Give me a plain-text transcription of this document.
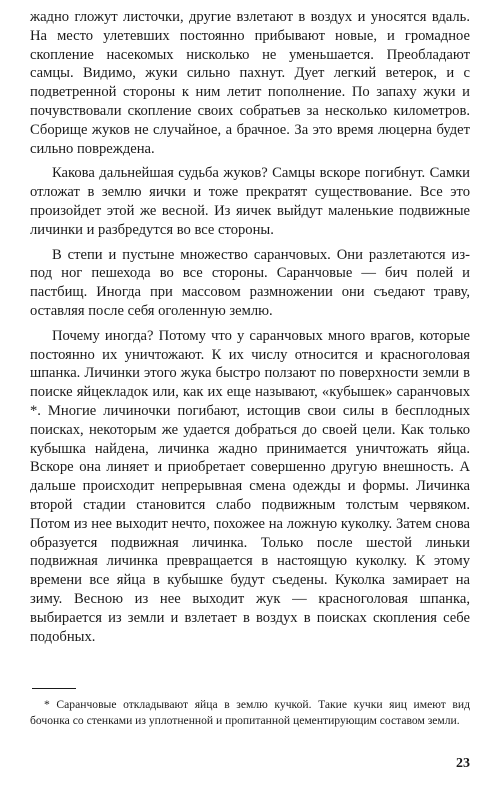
жадно гложут листочки, другие взлетают в воздух и уносятся вдаль. На место улетевших постоянно прибывают новые, и громадное скопление насекомых нисколько не уменьшается. Преобладают самцы. Видимо, жуки сильно пахнут. Дует легкий ветерок, и с подветренной стороны к ним летит пополнение. По запаху жуки и почувствовали скопление своих собратьев за несколько километров. Сборище жуков не случайное, а брачное. За это время люцерна будет сильно повреждена.

Какова дальнейшая судьба жуков? Самцы вскоре погибнут. Самки отложат в землю яички и тоже прекратят существование. Все это произойдет этой же весной. Из яичек выйдут маленькие подвижные личинки и разбредутся во все стороны.

В степи и пустыне множество саранчовых. Они разлетаются из-под ног пешехода во все стороны. Саранчовые — бич полей и пастбищ. Иногда при массовом размножении они съедают траву, оставляя после себя оголенную землю.

Почему иногда? Потому что у саранчовых много врагов, которые постоянно их уничтожают. К их числу относится и красноголовая шпанка. Личинки этого жука быстро ползают по поверхности земли в поиске яйцекладок или, как их еще называют, «кубышек» саранчовых *. Многие личиночки погибают, истощив свои силы в бесплодных поисках, некоторым же удается добраться до своей цели. Как только кубышка найдена, личинка жадно принимается уничтожать яйца. Вскоре она линяет и приобретает совершенно другую внешность. А дальше происходит непрерывная смена одежды и формы. Личинка второй стадии становится слабо подвижным толстым червяком. Потом из нее выходит нечто, похожее на ложную куколку. Затем снова образуется подвижная личинка. Только после шестой линьки подвижная личинка превращается в настоящую куколку. К этому времени все яйца в кубышке будут съедены. Куколка замирает на зиму. Весною из нее выходит жук — красноголовая шпанка, выбирается из земли и взлетает в воздух в поисках скопления себе подобных.

* Саранчовые откладывают яйца в землю кучкой. Такие кучки яиц имеют вид бочонка со стенками из уплотненной и пропитанной цементирующим составом земли.

23
